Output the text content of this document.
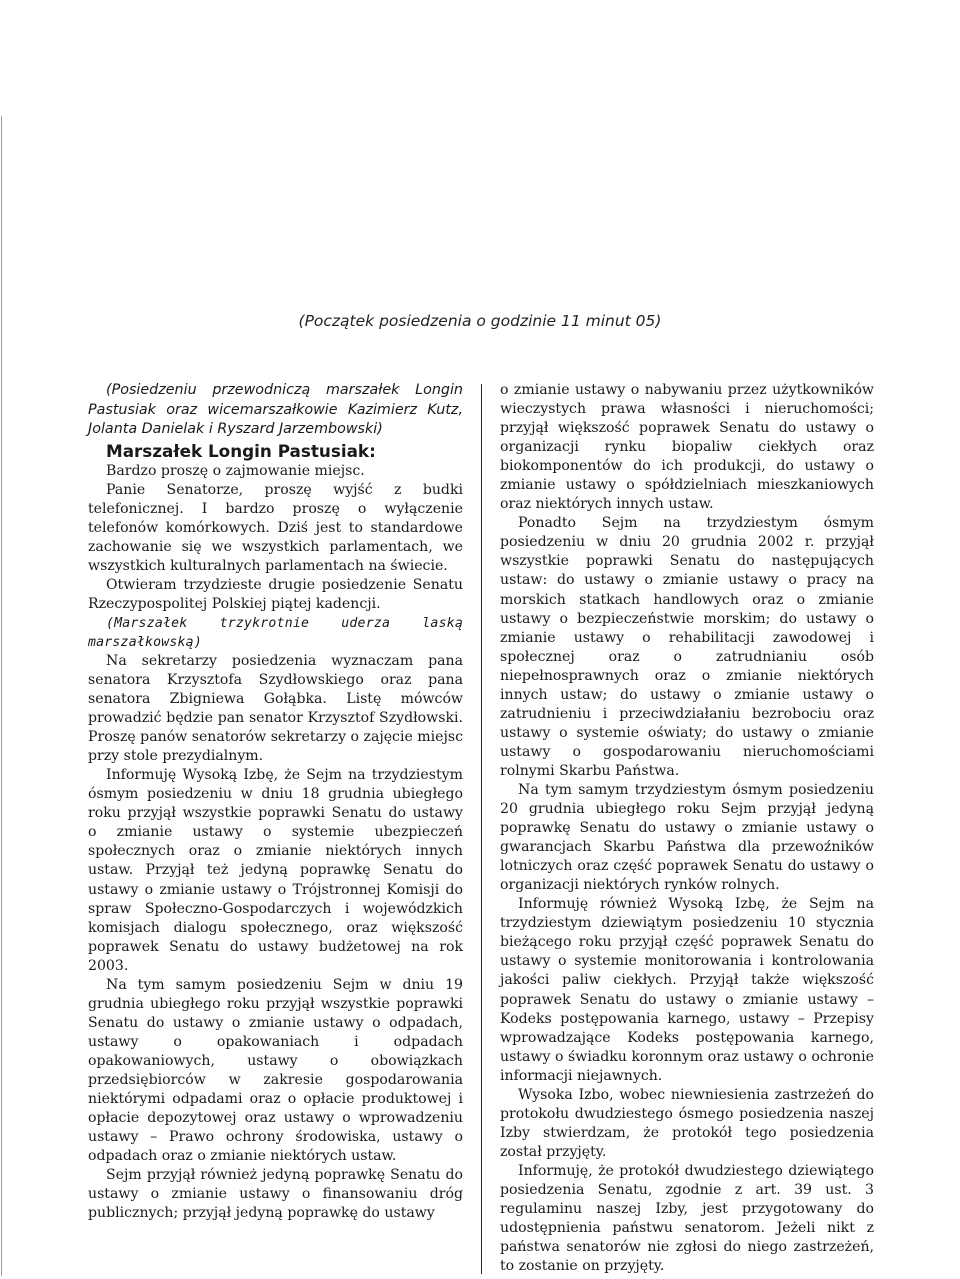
(Początek posiedzenia o godzinie 11 minut 05)

(Posiedzeniu przewodniczą marszałek Longin Pastusiak oraz wicemarszałkowie Kazimierz Kutz, Jolanta Danielak i Ryszard Jarzembowski)

Marszałek Longin Pastusiak:

Bardzo proszę o zajmowanie miejsc.

Panie Senatorze, proszę wyjść z budki telefonicznej. I bardzo proszę o wyłączenie telefonów komórkowych. Dziś jest to standardowe zachowanie się we wszystkich parlamentach, we wszystkich kulturalnych parlamentach na świecie.

Otwieram trzydzieste drugie posiedzenie Senatu Rzeczypospolitej Polskiej piątej kadencji.

(Marszałek trzykrotnie uderza laską marszałkowską)

Na sekretarzy posiedzenia wyznaczam pana senatora Krzysztofa Szydłowskiego oraz pana senatora Zbigniewa Gołąbka. Listę mówców prowadzić będzie pan senator Krzysztof Szydłowski. Proszę panów senatorów sekretarzy o zajęcie miejsc przy stole prezydialnym.

Informuję Wysoką Izbę, że Sejm na trzydziestym ósmym posiedzeniu w dniu 18 grudnia ubiegłego roku przyjął wszystkie poprawki Senatu do ustawy o zmianie ustawy o systemie ubezpieczeń społecznych oraz o zmianie niektórych innych ustaw. Przyjął też jedyną poprawkę Senatu do ustawy o zmianie ustawy o Trójstronnej Komisji do spraw Społeczno-Gospodarczych i wojewódzkich komisjach dialogu społecznego, oraz większość poprawek Senatu do ustawy budżetowej na rok 2003.

Na tym samym posiedzeniu Sejm w dniu 19 grudnia ubiegłego roku przyjął wszystkie poprawki Senatu do ustawy o zmianie ustawy o odpadach, ustawy o opakowaniach i odpadach opakowaniowych, ustawy o obowiązkach przedsiębiorców w zakresie gospodarowania niektórymi odpadami oraz o opłacie produktowej i opłacie depozytowej oraz ustawy o wprowadzeniu ustawy – Prawo ochrony środowiska, ustawy o odpadach oraz o zmianie niektórych ustaw.

Sejm przyjął również jedyną poprawkę Senatu do ustawy o zmianie ustawy o finansowaniu dróg publicznych; przyjął jedyną poprawkę do ustawy

o zmianie ustawy o nabywaniu przez użytkowników wieczystych prawa własności i nieruchomości; przyjął większość poprawek Senatu do ustawy o organizacji rynku biopaliw ciekłych oraz biokomponentów do ich produkcji, do ustawy o zmianie ustawy o spółdzielniach mieszkaniowych oraz niektórych innych ustaw.

Ponadto Sejm na trzydziestym ósmym posiedzeniu w dniu 20 grudnia 2002 r. przyjął wszystkie poprawki Senatu do następujących ustaw: do ustawy o zmianie ustawy o pracy na morskich statkach handlowych oraz o zmianie ustawy o bezpieczeństwie morskim; do ustawy o zmianie ustawy o rehabilitacji zawodowej i społecznej oraz o zatrudnianiu osób niepełnosprawnych oraz o zmianie niektórych innych ustaw; do ustawy o zmianie ustawy o zatrudnieniu i przeciwdziałaniu bezrobociu oraz ustawy o systemie oświaty; do ustawy o zmianie ustawy o gospodarowaniu nieruchomościami rolnymi Skarbu Państwa.

Na tym samym trzydziestym ósmym posiedzeniu 20 grudnia ubiegłego roku Sejm przyjął jedyną poprawkę Senatu do ustawy o zmianie ustawy o gwarancjach Skarbu Państwa dla przewoźników lotniczych oraz część poprawek Senatu do ustawy o organizacji niektórych rynków rolnych.

Informuję również Wysoką Izbę, że Sejm na trzydziestym dziewiątym posiedzeniu 10 stycznia bieżącego roku przyjął część poprawek Senatu do ustawy o systemie monitorowania i kontrolowania jakości paliw ciekłych. Przyjął także większość poprawek Senatu do ustawy o zmianie ustawy – Kodeks postępowania karnego, ustawy – Przepisy wprowadzające Kodeks postępowania karnego, ustawy o świadku koronnym oraz ustawy o ochronie informacji niejawnych.

Wysoka Izbo, wobec niewniesienia zastrzeżeń do protokołu dwudziestego ósmego posiedzenia naszej Izby stwierdzam, że protokół tego posiedzenia został przyjęty.

Informuję, że protokół dwudziestego dziewiątego posiedzenia Senatu, zgodnie z art. 39 ust. 3 regulaminu naszej Izby, jest przygotowany do udostępnienia państwu senatorom. Jeżeli nikt z państwa senatorów nie zgłosi do niego zastrzeżeń, to zostanie on przyjęty.
